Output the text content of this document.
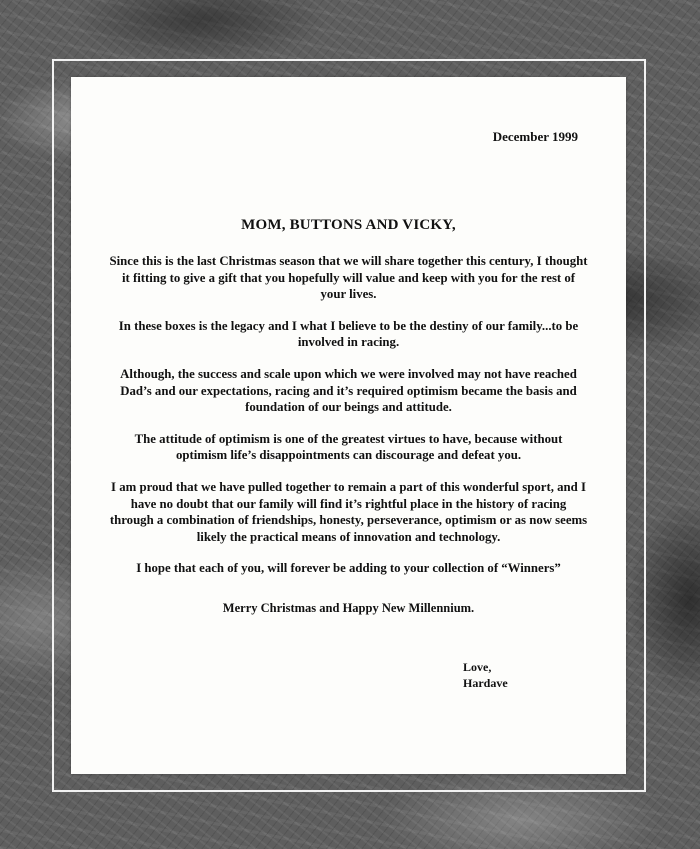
December 1999

MOM, BUTTONS AND VICKY,

Since this is the last Christmas season that we will share together this century, I thought it fitting to give a gift that you hopefully will value and keep with you for the rest of your lives.

In these boxes is the legacy and I what I believe to be the destiny of our family...to be involved in racing.

Although, the success and scale upon which we were involved may not have reached Dad’s and our expectations, racing and it’s required optimism became the basis and foundation of our beings and attitude.

The attitude of optimism is one of the greatest virtues to have, because without optimism life’s disappointments can discourage and defeat you.

I am proud that we have pulled together to remain a part of this wonderful sport, and I have no doubt that our family will find it’s rightful place in the history of racing through a combination of friendships, honesty, perseverance, optimism or as now seems likely the practical means of innovation and technology.

I hope that each of you, will forever be adding to your collection of “Winners”

Merry Christmas and Happy New Millennium.

Love,
Hardave
